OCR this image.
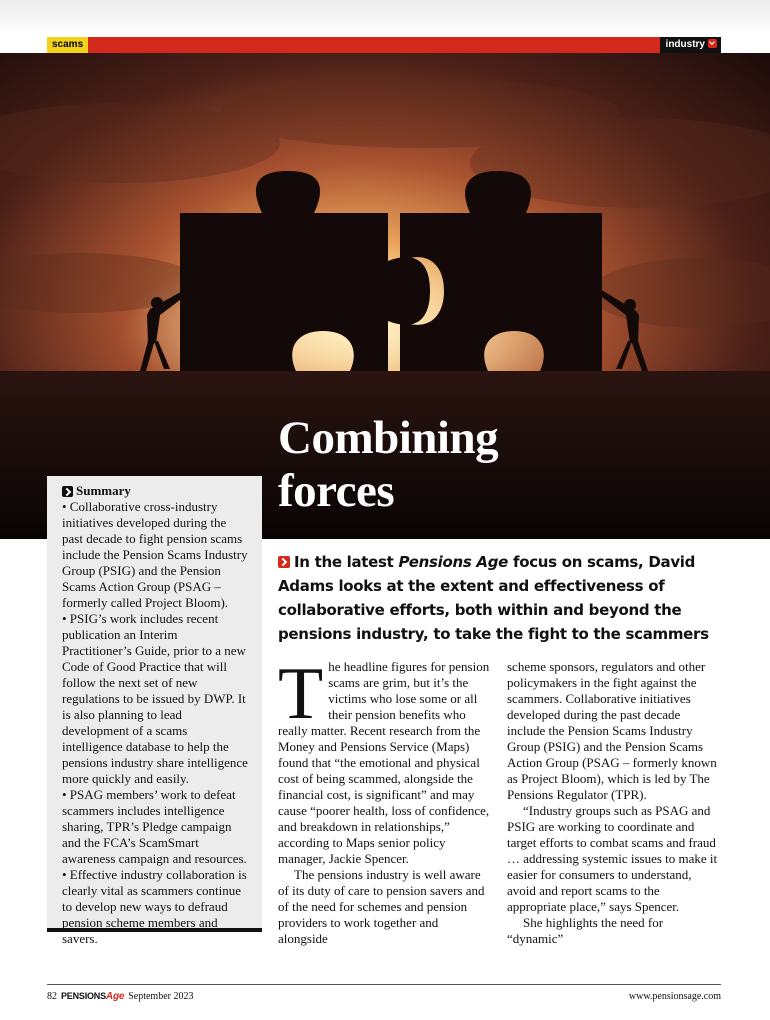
scams	industry
Combining
forces
Summary

• Collaborative cross-industry initiatives developed during the past decade to fight pension scams include the Pension Scams Industry Group (PSIG) and the Pension Scams Action Group (PSAG – formerly called Project Bloom).

• PSIG’s work includes recent publication an Interim Practitioner’s Guide, prior to a new Code of Good Practice that will follow the next set of new regulations to be issued by DWP. It is also planning to lead development of a scams intelligence database to help the pensions industry share intelligence more quickly and easily.

• PSAG members’ work to defeat scammers includes intelligence sharing, TPR’s Pledge campaign and the FCA’s ScamSmart awareness campaign and resources.

• Effective industry collaboration is clearly vital as scammers continue to develop new ways to defraud pension scheme members and savers.

In the latest Pensions Age focus on scams, David Adams looks at the extent and effectiveness of collaborative efforts, both within and beyond the pensions industry, to take the fight to the scammers

The headline figures for pension scams are grim, but it’s the victims who lose some or all their pension benefits who really matter. Recent research from the Money and Pensions Service (Maps) found that “the emotional and physical cost of being scammed, alongside the financial cost, is significant” and may cause “poorer health, loss of confidence, and breakdown in relationships,” according to Maps senior policy manager, Jackie Spencer.

The pensions industry is well aware of its duty of care to pension savers and of the need for schemes and pension providers to work together and alongside

scheme sponsors, regulators and other policymakers in the fight against the scammers. Collaborative initiatives developed during the past decade include the Pension Scams Industry Group (PSIG) and the Pension Scams Action Group (PSAG – formerly known as Project Bloom), which is led by The Pensions Regulator (TPR).

“Industry groups such as PSAG and PSIG are working to coordinate and target efforts to combat scams and fraud … addressing systemic issues to make it easier for consumers to understand, avoid and report scams to the appropriate place,” says Spencer.

She highlights the need for “dynamic”

82 PENSIONSAge September 2023	www.pensionsage.com
